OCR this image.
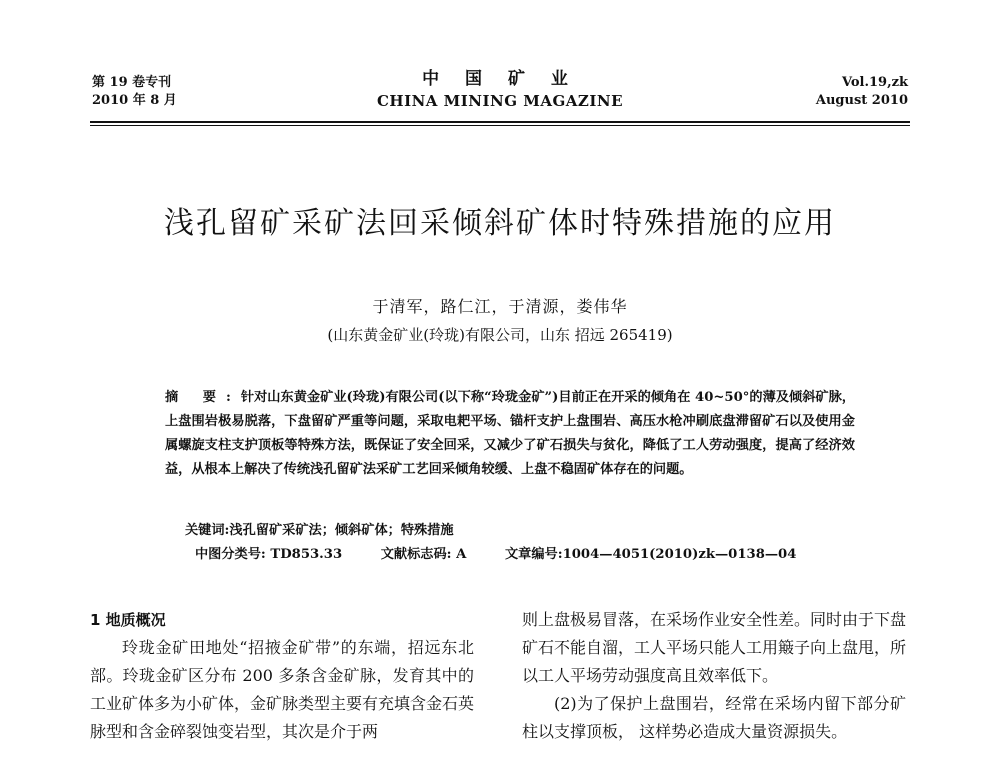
第 19 卷专刊
2010 年 8 月
中 国 矿 业
CHINA MINING MAGAZINE
Vol.19,zk
August 2010
浅孔留矿采矿法回采倾斜矿体时特殊措施的应用
于清军，路仁江，于清源，娄伟华
(山东黄金矿业(玲珑)有限公司，山东 招远 265419)
摘 要:针对山东黄金矿业(玲珑)有限公司(以下称“玲珑金矿”)目前正在开采的倾角在 40~50°的薄及倾斜矿脉，上盘围岩极易脱落，下盘留矿严重等问题，采取电耙平场、锚杆支护上盘围岩、高压水枪冲刷底盘滞留矿石以及使用金属螺旋支柱支护顶板等特殊方法，既保证了安全回采，又减少了矿石损失与贫化，降低了工人劳动强度，提高了经济效益，从根本上解决了传统浅孔留矿法采矿工艺回采倾角较缓、上盘不稳固矿体存在的问题。
关键词:浅孔留矿采矿法；倾斜矿体；特殊措施
中图分类号: TD853.33	文献标志码: A	文章编号:1004—4051(2010)zk—0138—04

1 地质概况

玲珑金矿田地处“招掖金矿带”的东端，招远东北部。玲珑金矿区分布 200 多条含金矿脉，发育其中的工业矿体多为小矿体，金矿脉类型主要有充填含金石英脉型和含金碎裂蚀变岩型，其次是介于两

则上盘极易冒落，在采场作业安全性差。同时由于下盘矿石不能自溜，工人平场只能人工用簸子向上盘甩，所以工人平场劳动强度高且效率低下。

(2)为了保护上盘围岩，经常在采场内留下部分矿柱以支撑顶板， 这样势必造成大量资源损失。
